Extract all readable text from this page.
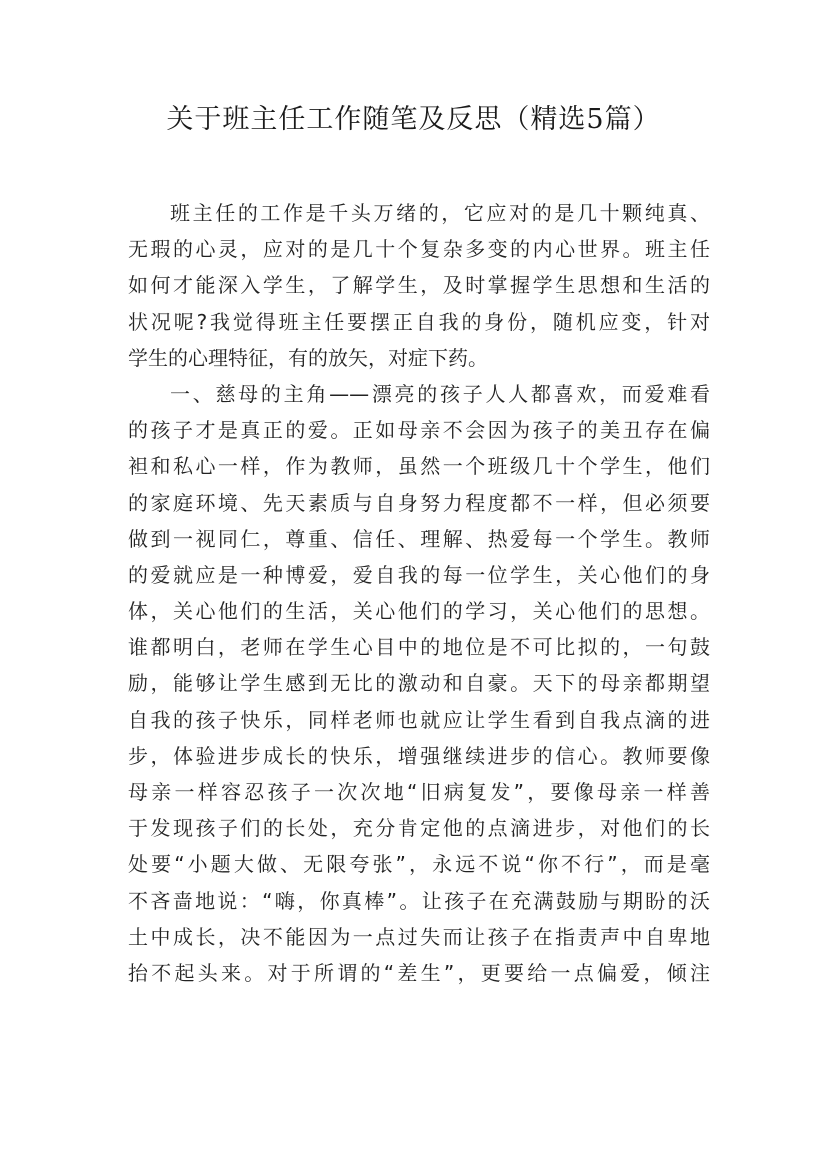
关于班主任工作随笔及反思（精选5篇）
班主任的工作是千头万绪的，它应对的是几十颗纯真、
无瑕的心灵，应对的是几十个复杂多变的内心世界。班主任
如何才能深入学生，了解学生，及时掌握学生思想和生活的
状况呢?我觉得班主任要摆正自我的身份，随机应变，针对
学生的心理特征，有的放矢，对症下药。
一、慈母的主角——漂亮的孩子人人都喜欢，而爱难看
的孩子才是真正的爱。正如母亲不会因为孩子的美丑存在偏
袒和私心一样，作为教师，虽然一个班级几十个学生，他们
的家庭环境、先天素质与自身努力程度都不一样，但必须要
做到一视同仁，尊重、信任、理解、热爱每一个学生。教师
的爱就应是一种博爱，爱自我的每一位学生，关心他们的身
体，关心他们的生活，关心他们的学习，关心他们的思想。
谁都明白，老师在学生心目中的地位是不可比拟的，一句鼓
励，能够让学生感到无比的激动和自豪。天下的母亲都期望
自我的孩子快乐，同样老师也就应让学生看到自我点滴的进
步，体验进步成长的快乐，增强继续进步的信心。教师要像
母亲一样容忍孩子一次次地“旧病复发”，要像母亲一样善
于发现孩子们的长处，充分肯定他的点滴进步，对他们的长
处要“小题大做、无限夸张”，永远不说“你不行”，而是毫
不吝啬地说：“嗨，你真棒”。让孩子在充满鼓励与期盼的沃
土中成长，决不能因为一点过失而让孩子在指责声中自卑地
抬不起头来。对于所谓的“差生”，更要给一点偏爱，倾注
